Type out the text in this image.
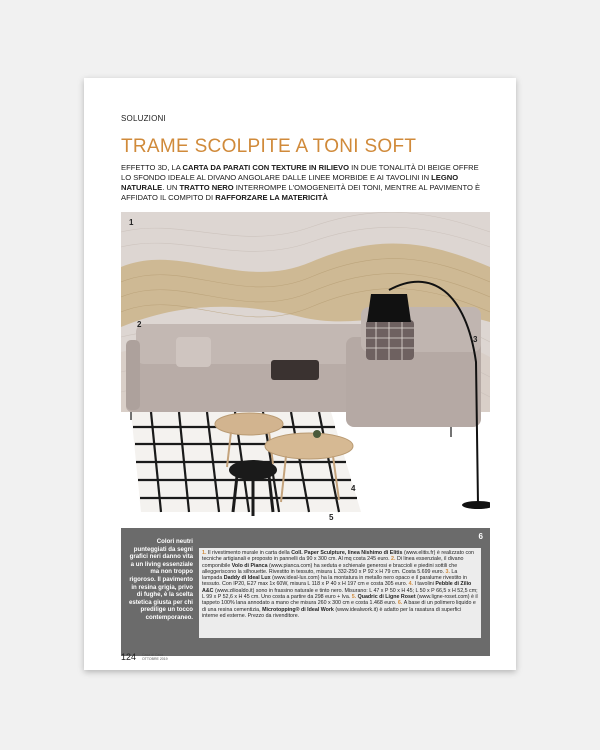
SOLUZIONI
TRAME SCOLPITE A TONI SOFT
EFFETTO 3D, LA CARTA DA PARATI CON TEXTURE IN RILIEVO IN DUE TONALITÀ DI BEIGE OFFRE LO SFONDO IDEALE AL DIVANO ANGOLARE DALLE LINEE MORBIDE E AI TAVOLINI IN LEGNO NATURALE. UN TRATTO NERO INTERROMPE L'OMOGENEITÀ DEI TONI, MENTRE AL PAVIMENTO È AFFIDATO IL COMPITO DI RAFFORZARE LA MATERICITÀ
1
2
3
4
5
6
Colori neutri punteggiati da segni grafici neri danno vita a un living essenziale ma non troppo rigoroso. Il pavimento in resina grigia, privo di fughe, è la scelta estetica giusta per chi predilige un tocco contemporaneo.
1. Il rivestimento murale in carta della Coll. Paper Sculpture, linea Nishimo di Elitis (www.elitis.fr) è realizzato con tecniche artigianali e proposto in pannelli da 90 x 300 cm. Al mq costa 245 euro. 2. Di linea essenziale, il divano componibile Volo di Pianca (www.pianca.com) ha seduta e schienale generosi e braccioli e piedini sottili che alleggeriscono la silhouette. Rivestito in tessuto, misura L 332-250 x P 92 x H 79 cm. Costa 5.699 euro. 3. La lampada Daddy di Ideal Lux (www.ideal-lux.com) ha la montatura in metallo nero opaco e il paralume rivestito in tessuto. Con IP20, E27 max 1x 60W, misura L 118 x P 40 x H 197 cm e costa 305 euro. 4. I tavolini Pebble di Zilio A&C (www.zilioaldo.it) sono in frassino naturale e tinto nero. Misurano: L 47 x P 50 x H 45; L 50 x P 66,5 x H 52,5 cm; L 99 x P 52,6 x H 45 cm. Uno costa a partire da 298 euro + Iva. 5. Quadric di Ligne Roset (www.ligne-roset.com) è il tappeto 100% lana annodato a mano che misura 260 x 300 cm e costa 1.468 euro. 6. A base di un polimero liquido e di una resina cementizia, Microtopping® di Ideal Work (www.idealwork.it) è adatto per la rasatura di superfici interne ed esterne. Prezzo da rivenditore.
124 Casa di Casa
OTTOBRE 2019
